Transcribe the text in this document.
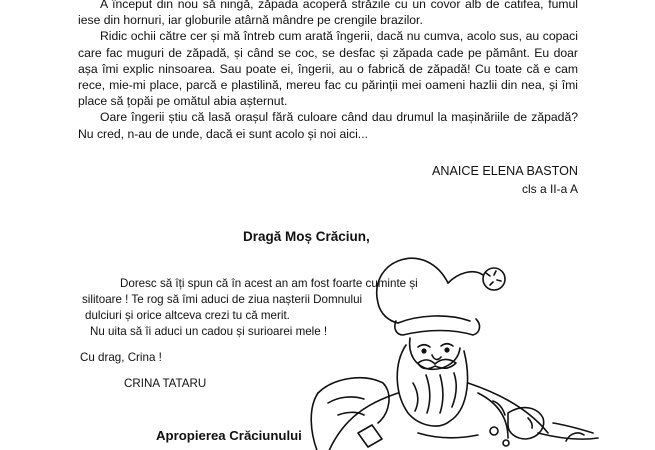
A început din nou să ningă, zăpada acoperă străzile cu un covor alb de catifea, fumul iese din hornuri, iar globurile atârnă mândre pe crengile brazilor.

Ridic ochii către cer și mă întreb cum arată îngerii, dacă nu cumva, acolo sus, au copaci care fac muguri de zăpadă, și când se coc, se desfac și zăpada cade pe pământ. Eu doar așa îmi explic ninsoarea. Sau poate ei, îngerii, au o fabrică de zăpadă! Cu toate că e cam rece, mie-mi place, parcă e plastilină, mereu fac cu părinții mei oameni hazlii din nea, și îmi place să țopăi pe omătul abia așternut.

Oare îngerii știu că lasă orașul fără culoare când dau drumul la mașinăriile de zăpadă? Nu cred, n-au de unde, dacă ei sunt acolo și noi aici...

ANAICE ELENA BASTON
cls a II-a A
Dragă Moș Crăciun,
Doresc să îți spun că în acest an am fost foarte cuminte și
silitoare ! Te rog să îmi aduci de ziua nașterii Domnului
dulciuri și orice altceva crezi tu că merit.
Nu uita să îi aduci un cadou și surioarei mele !
Cu drag, Crina !
CRINA TATARU
Apropierea Crăciunului
